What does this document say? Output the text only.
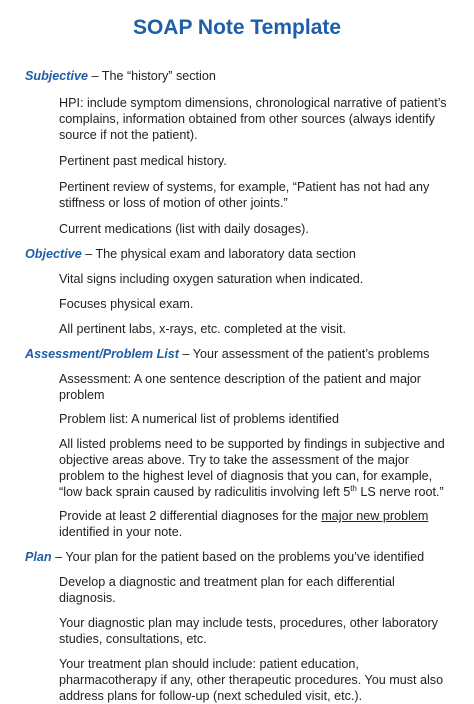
SOAP Note Template
Subjective – The “history” section
HPI: include symptom dimensions, chronological narrative of patient’s complains, information obtained from other sources (always identify source if not the patient).
Pertinent past medical history.
Pertinent review of systems, for example, “Patient has not had any stiffness or loss of motion of other joints.”
Current medications (list with daily dosages).
Objective – The physical exam and laboratory data section
Vital signs including oxygen saturation when indicated.
Focuses physical exam.
All pertinent labs, x-rays, etc. completed at the visit.
Assessment/Problem List – Your assessment of the patient’s problems
Assessment: A one sentence description of the patient and major problem
Problem list: A numerical list of problems identified
All listed problems need to be supported by findings in subjective and objective areas above. Try to take the assessment of the major problem to the highest level of diagnosis that you can, for example, “low back sprain caused by radiculitis involving left 5th LS nerve root.”
Provide at least 2 differential diagnoses for the major new problem identified in your note.
Plan – Your plan for the patient based on the problems you’ve identified
Develop a diagnostic and treatment plan for each differential diagnosis.
Your diagnostic plan may include tests, procedures, other laboratory studies, consultations, etc.
Your treatment plan should include: patient education, pharmacotherapy if any, other therapeutic procedures. You must also address plans for follow-up (next scheduled visit, etc.).
